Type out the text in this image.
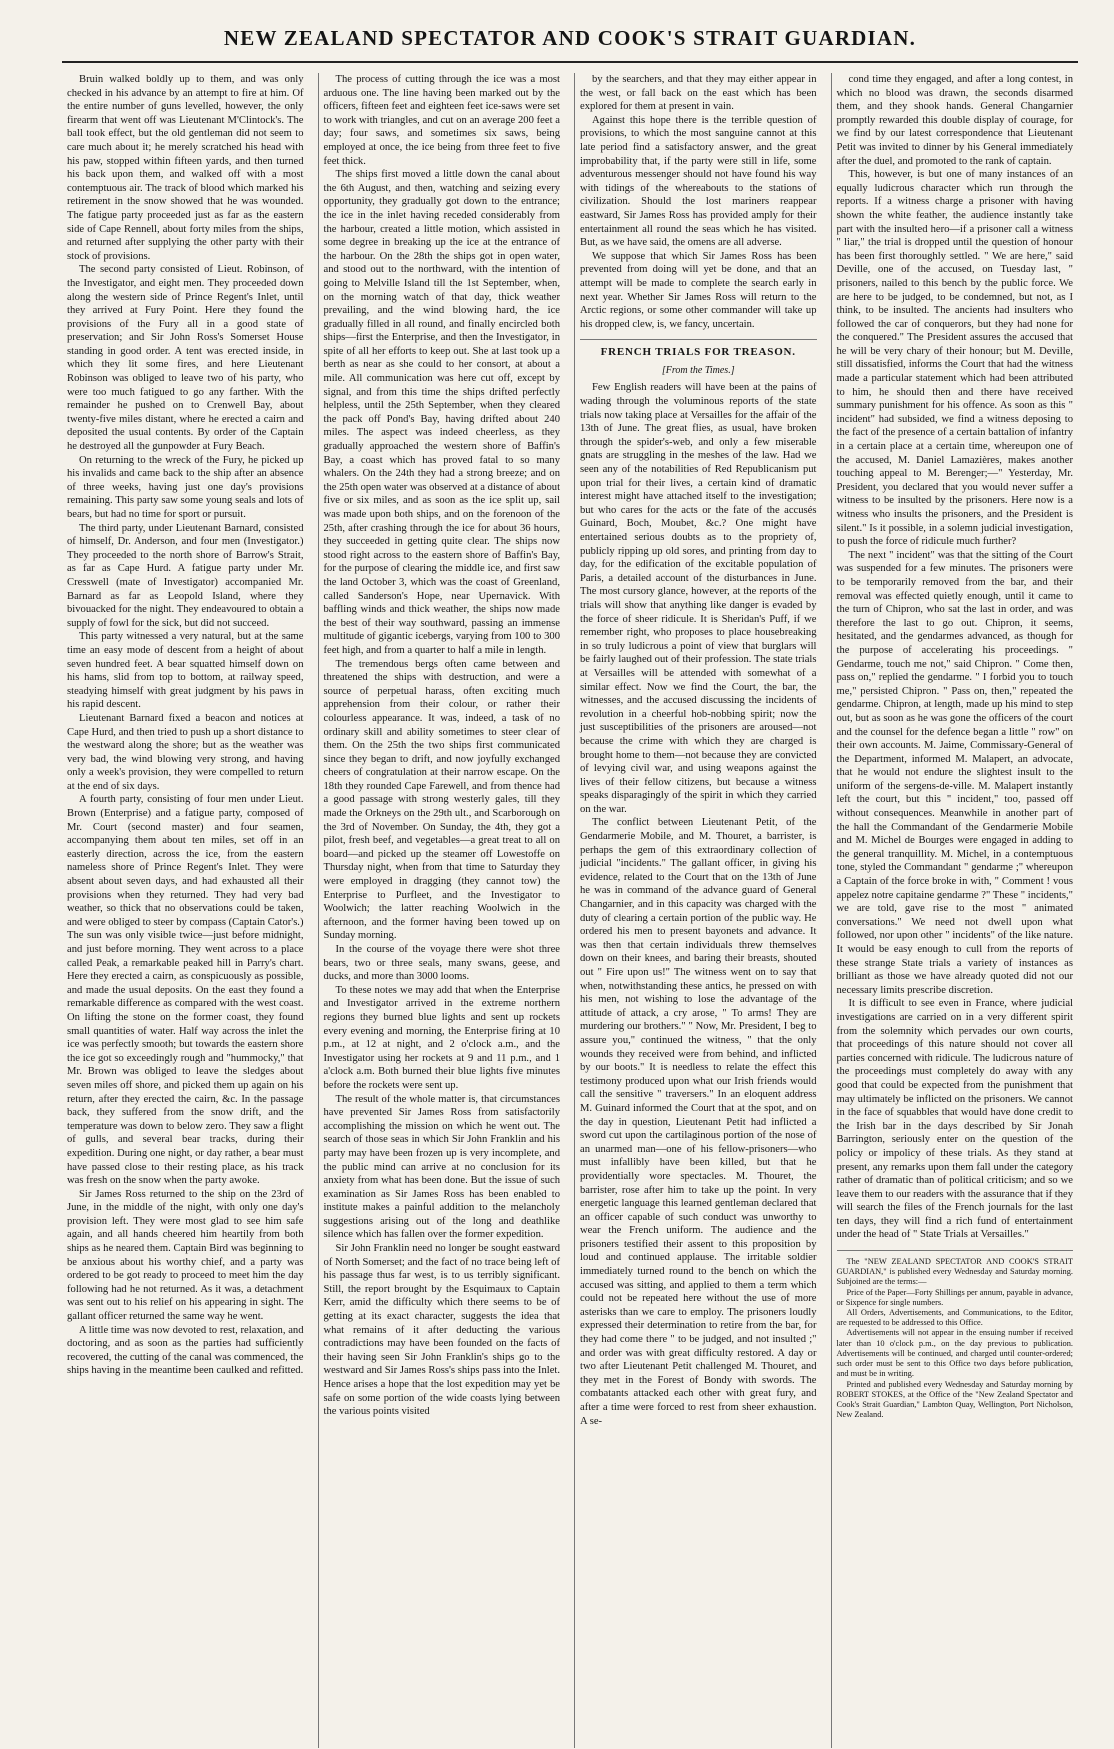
NEW ZEALAND SPECTATOR AND COOK'S STRAIT GUARDIAN.

Bruin walked boldly up to them, and was only checked in his advance by an attempt to fire at him. Of the entire number of guns levelled, however, the only firearm that went off was Lieutenant M'Clintock's. The ball took effect, but the old gentleman did not seem to care much about it; he merely scratched his head with his paw, stopped within fifteen yards, and then turned his back upon them, and walked off with a most contemptuous air. The track of blood which marked his retirement in the snow showed that he was wounded. The fatigue party proceeded just as far as the eastern side of Cape Rennell, about forty miles from the ships, and returned after supplying the other party with their stock of provisions.

The second party consisted of Lieut. Robinson, of the Investigator, and eight men. They proceeded down along the western side of Prince Regent's Inlet, until they arrived at Fury Point. Here they found the provisions of the Fury all in a good state of preservation; and Sir John Ross's Somerset House standing in good order. A tent was erected inside, in which they lit some fires, and here Lieutenant Robinson was obliged to leave two of his party, who were too much fatigued to go any farther. With the remainder he pushed on to Crenwell Bay, about twenty-five miles distant, where he erected a cairn and deposited the usual contents. By order of the Captain he destroyed all the gunpowder at Fury Beach.

On returning to the wreck of the Fury, he picked up his invalids and came back to the ship after an absence of three weeks, having just one day's provisions remaining. This party saw some young seals and lots of bears, but had no time for sport or pursuit.

The third party, under Lieutenant Barnard, consisted of himself, Dr. Anderson, and four men (Investigator.) They proceeded to the north shore of Barrow's Strait, as far as Cape Hurd. A fatigue party under Mr. Cresswell (mate of Investigator) accompanied Mr. Barnard as far as Leopold Island, where they bivouacked for the night. They endeavoured to obtain a supply of fowl for the sick, but did not succeed.

This party witnessed a very natural, but at the same time an easy mode of descent from a height of about seven hundred feet. A bear squatted himself down on his hams, slid from top to bottom, at railway speed, steadying himself with great judgment by his paws in his rapid descent.

Lieutenant Barnard fixed a beacon and notices at Cape Hurd, and then tried to push up a short distance to the westward along the shore; but as the weather was very bad, the wind blowing very strong, and having only a week's provision, they were compelled to return at the end of six days.

A fourth party, consisting of four men under Lieut. Brown (Enterprise) and a fatigue party, composed of Mr. Court (second master) and four seamen, accompanying them about ten miles, set off in an easterly direction, across the ice, from the eastern nameless shore of Prince Regent's Inlet. They were absent about seven days, and had exhausted all their provisions when they returned. They had very bad weather, so thick that no observations could be taken, and were obliged to steer by compass (Captain Cator's.) The sun was only visible twice—just before midnight, and just before morning. They went across to a place called Peak, a remarkable peaked hill in Parry's chart. Here they erected a cairn, as conspicuously as possible, and made the usual deposits. On the east they found a remarkable difference as compared with the west coast. On lifting the stone on the former coast, they found small quantities of water. Half way across the inlet the ice was perfectly smooth; but towards the eastern shore the ice got so exceedingly rough and "hummocky," that Mr. Brown was obliged to leave the sledges about seven miles off shore, and picked them up again on his return, after they erected the cairn, &c. In the passage back, they suffered from the snow drift, and the temperature was down to below zero. They saw a flight of gulls, and several bear tracks, during their expedition. During one night, or day rather, a bear must have passed close to their resting place, as his track was fresh on the snow when the party awoke.

Sir James Ross returned to the ship on the 23rd of June, in the middle of the night, with only one day's provision left. They were most glad to see him safe again, and all hands cheered him heartily from both ships as he neared them. Captain Bird was beginning to be anxious about his worthy chief, and a party was ordered to be got ready to proceed to meet him the day following had he not returned. As it was, a detachment was sent out to his relief on his appearing in sight. The gallant officer returned the same way he went.

A little time was now devoted to rest, relaxation, and doctoring, and as soon as the parties had sufficiently recovered, the cutting of the canal was commenced, the ships having in the meantime been caulked and refitted.

The process of cutting through the ice was a most arduous one. The line having been marked out by the officers, fifteen feet and eighteen feet ice-saws were set to work with triangles, and cut on an average 200 feet a day; four saws, and sometimes six saws, being employed at once, the ice being from three feet to five feet thick.

The ships first moved a little down the canal about the 6th August, and then, watching and seizing every opportunity, they gradually got down to the entrance; the ice in the inlet having receded considerably from the harbour, created a little motion, which assisted in some degree in breaking up the ice at the entrance of the harbour. On the 28th the ships got in open water, and stood out to the northward, with the intention of going to Melville Island till the 1st September, when, on the morning watch of that day, thick weather prevailing, and the wind blowing hard, the ice gradually filled in all round, and finally encircled both ships—first the Enterprise, and then the Investigator, in spite of all her efforts to keep out. She at last took up a berth as near as she could to her consort, at about a mile. All communication was here cut off, except by signal, and from this time the ships drifted perfectly helpless, until the 25th September, when they cleared the pack off Pond's Bay, having drifted about 240 miles. The aspect was indeed cheerless, as they gradually approached the western shore of Baffin's Bay, a coast which has proved fatal to so many whalers. On the 24th they had a strong breeze; and on the 25th open water was observed at a distance of about five or six miles, and as soon as the ice split up, sail was made upon both ships, and on the forenoon of the 25th, after crashing through the ice for about 36 hours, they succeeded in getting quite clear. The ships now stood right across to the eastern shore of Baffin's Bay, for the purpose of clearing the middle ice, and first saw the land October 3, which was the coast of Greenland, called Sanderson's Hope, near Upernavick. With baffling winds and thick weather, the ships now made the best of their way southward, passing an immense multitude of gigantic icebergs, varying from 100 to 300 feet high, and from a quarter to half a mile in length.

The tremendous bergs often came between and threatened the ships with destruction, and were a source of perpetual harass, often exciting much apprehension from their colour, or rather their colourless appearance. It was, indeed, a task of no ordinary skill and ability sometimes to steer clear of them. On the 25th the two ships first communicated since they began to drift, and now joyfully exchanged cheers of congratulation at their narrow escape. On the 18th they rounded Cape Farewell, and from thence had a good passage with strong westerly gales, till they made the Orkneys on the 29th ult., and Scarborough on the 3rd of November. On Sunday, the 4th, they got a pilot, fresh beef, and vegetables—a great treat to all on board—and picked up the steamer off Lowestoffe on Thursday night, when from that time to Saturday they were employed in dragging (they cannot tow) the Enterprise to Purfleet, and the Investigator to Woolwich; the latter reaching Woolwich in the afternoon, and the former having been towed up on Sunday morning.

In the course of the voyage there were shot three bears, two or three seals, many swans, geese, and ducks, and more than 3000 looms.

To these notes we may add that when the Enterprise and Investigator arrived in the extreme northern regions they burned blue lights and sent up rockets every evening and morning, the Enterprise firing at 10 p.m., at 12 at night, and 2 o'clock a.m., and the Investigator using her rockets at 9 and 11 p.m., and 1 a'clock a.m. Both burned their blue lights five minutes before the rockets were sent up.

The result of the whole matter is, that circumstances have prevented Sir James Ross from satisfactorily accomplishing the mission on which he went out. The search of those seas in which Sir John Franklin and his party may have been frozen up is very incomplete, and the public mind can arrive at no conclusion for its anxiety from what has been done. But the issue of such examination as Sir James Ross has been enabled to institute makes a painful addition to the melancholy suggestions arising out of the long and deathlike silence which has fallen over the former expedition.

Sir John Franklin need no longer be sought eastward of North Somerset; and the fact of no trace being left of his passage thus far west, is to us terribly significant. Still, the report brought by the Esquimaux to Captain Kerr, amid the difficulty which there seems to be of getting at its exact character, suggests the idea that what remains of it after deducting the various contradictions may have been founded on the facts of their having seen Sir John Franklin's ships go to the westward and Sir James Ross's ships pass into the Inlet. Hence arises a hope that the lost expedition may yet be safe on some portion of the wide coasts lying between the various points visited

by the searchers, and that they may either appear in the west, or fall back on the east which has been explored for them at present in vain.

Against this hope there is the terrible question of provisions, to which the most sanguine cannot at this late period find a satisfactory answer, and the great improbability that, if the party were still in life, some adventurous messenger should not have found his way with tidings of the whereabouts to the stations of civilization. Should the lost mariners reappear eastward, Sir James Ross has provided amply for their entertainment all round the seas which he has visited. But, as we have said, the omens are all adverse.

We suppose that which Sir James Ross has been prevented from doing will yet be done, and that an attempt will be made to complete the search early in next year. Whether Sir James Ross will return to the Arctic regions, or some other commander will take up his dropped clew, is, we fancy, uncertain.

FRENCH TRIALS FOR TREASON.
[From the Times.]

Few English readers will have been at the pains of wading through the voluminous reports of the state trials now taking place at Versailles for the affair of the 13th of June. The great flies, as usual, have broken through the spider's-web, and only a few miserable gnats are struggling in the meshes of the law. Had we seen any of the notabilities of Red Republicanism put upon trial for their lives, a certain kind of dramatic interest might have attached itself to the investigation; but who cares for the acts or the fate of the accusés Guinard, Boch, Moubet, &c.? One might have entertained serious doubts as to the propriety of, publicly ripping up old sores, and printing from day to day, for the edification of the excitable population of Paris, a detailed account of the disturbances in June. The most cursory glance, however, at the reports of the trials will show that anything like danger is evaded by the force of sheer ridicule. It is Sheridan's Puff, if we remember right, who proposes to place housebreaking in so truly ludicrous a point of view that burglars will be fairly laughed out of their profession. The state trials at Versailles will be attended with somewhat of a similar effect. Now we find the Court, the bar, the witnesses, and the accused discussing the incidents of revolution in a cheerful hob-nobbing spirit; now the just susceptibilities of the prisoners are aroused—not because the crime with which they are charged is brought home to them—not because they are convicted of levying civil war, and using weapons against the lives of their fellow citizens, but because a witness speaks disparagingly of the spirit in which they carried on the war.

The conflict between Lieutenant Petit, of the Gendarmerie Mobile, and M. Thouret, a barrister, is perhaps the gem of this extraordinary collection of judicial "incidents." The gallant officer, in giving his evidence, related to the Court that on the 13th of June he was in command of the advance guard of General Changarnier, and in this capacity was charged with the duty of clearing a certain portion of the public way. He ordered his men to present bayonets and advance. It was then that certain individuals threw themselves down on their knees, and baring their breasts, shouted out " Fire upon us!" The witness went on to say that when, notwithstanding these antics, he pressed on with his men, not wishing to lose the advantage of the attitude of attack, a cry arose, " To arms! They are murdering our brothers." " Now, Mr. President, I beg to assure you," continued the witness, " that the only wounds they received were from behind, and inflicted by our boots." It is needless to relate the effect this testimony produced upon what our Irish friends would call the sensitive " traversers." In an eloquent address M. Guinard informed the Court that at the spot, and on the day in question, Lieutenant Petit had inflicted a sword cut upon the cartilaginous portion of the nose of an unarmed man—one of his fellow-prisoners—who must infallibly have been killed, but that he providentially wore spectacles. M. Thouret, the barrister, rose after him to take up the point. In very energetic language this learned gentleman declared that an officer capable of such conduct was unworthy to wear the French uniform. The audience and the prisoners testified their assent to this proposition by loud and continued applause. The irritable soldier immediately turned round to the bench on which the accused was sitting, and applied to them a term which could not be repeated here without the use of more asterisks than we care to employ. The prisoners loudly expressed their determination to retire from the bar, for they had come there " to be judged, and not insulted ;" and order was with great difficulty restored. A day or two after Lieutenant Petit challenged M. Thouret, and they met in the Forest of Bondy with swords. The combatants attacked each other with great fury, and after a time were forced to rest from sheer exhaustion. A se-

cond time they engaged, and after a long contest, in which no blood was drawn, the seconds disarmed them, and they shook hands. General Changarnier promptly rewarded this double display of courage, for we find by our latest correspondence that Lieutenant Petit was invited to dinner by his General immediately after the duel, and promoted to the rank of captain.

This, however, is but one of many instances of an equally ludicrous character which run through the reports. If a witness charge a prisoner with having shown the white feather, the audience instantly take part with the insulted hero—if a prisoner call a witness " liar," the trial is dropped until the question of honour has been first thoroughly settled. " We are here," said Deville, one of the accused, on Tuesday last, " prisoners, nailed to this bench by the public force. We are here to be judged, to be condemned, but not, as I think, to be insulted. The ancients had insulters who followed the car of conquerors, but they had none for the conquered." The President assures the accused that he will be very chary of their honour; but M. Deville, still dissatisfied, informs the Court that had the witness made a particular statement which had been attributed to him, he should then and there have received summary punishment for his offence. As soon as this " incident" had subsided, we find a witness deposing to the fact of the presence of a certain battalion of infantry in a certain place at a certain time, whereupon one of the accused, M. Daniel Lamazières, makes another touching appeal to M. Berenger;—" Yesterday, Mr. President, you declared that you would never suffer a witness to be insulted by the prisoners. Here now is a witness who insults the prisoners, and the President is silent." Is it possible, in a solemn judicial investigation, to push the force of ridicule much further?

The next " incident" was that the sitting of the Court was suspended for a few minutes. The prisoners were to be temporarily removed from the bar, and their removal was effected quietly enough, until it came to the turn of Chipron, who sat the last in order, and was therefore the last to go out. Chipron, it seems, hesitated, and the gendarmes advanced, as though for the purpose of accelerating his proceedings. " Gendarme, touch me not," said Chipron. " Come then, pass on," replied the gendarme. " I forbid you to touch me," persisted Chipron. " Pass on, then," repeated the gendarme. Chipron, at length, made up his mind to step out, but as soon as he was gone the officers of the court and the counsel for the defence began a little " row" on their own accounts. M. Jaime, Commissary-General of the Department, informed M. Malapert, an advocate, that he would not endure the slightest insult to the uniform of the sergens-de-ville. M. Malapert instantly left the court, but this " incident," too, passed off without consequences. Meanwhile in another part of the hall the Commandant of the Gendarmerie Mobile and M. Michel de Bourges were engaged in adding to the general tranquillity. M. Michel, in a contemptuous tone, styled the Commandant " gendarme ;" whereupon a Captain of the force broke in with, " Comment ! vous appelez notre capitaine gendarme ?" These " incidents," we are told, gave rise to the most " animated conversations." We need not dwell upon what followed, nor upon other " incidents" of the like nature. It would be easy enough to cull from the reports of these strange State trials a variety of instances as brilliant as those we have already quoted did not our necessary limits prescribe discretion.

It is difficult to see even in France, where judicial investigations are carried on in a very different spirit from the solemnity which pervades our own courts, that proceedings of this nature should not cover all parties concerned with ridicule. The ludicrous nature of the proceedings must completely do away with any good that could be expected from the punishment that may ultimately be inflicted on the prisoners. We cannot in the face of squabbles that would have done credit to the Irish bar in the days described by Sir Jonah Barrington, seriously enter on the question of the policy or impolicy of these trials. As they stand at present, any remarks upon them fall under the category rather of dramatic than of political criticism; and so we leave them to our readers with the assurance that if they will search the files of the French journals for the last ten days, they will find a rich fund of entertainment under the head of " State Trials at Versailles."

The "NEW ZEALAND SPECTATOR AND COOK'S STRAIT GUARDIAN," is published every Wednesday and Saturday morning. Subjoined are the terms:—

Price of the Paper—Forty Shillings per annum, payable in advance, or Sixpence for single numbers.

All Orders, Advertisements, and Communications, to the Editor, are requested to be addressed to this Office.

Advertisements will not appear in the ensuing number if received later than 10 o'clock p.m., on the day previous to publication. Advertisements will be continued, and charged until counter-ordered; such order must be sent to this Office two days before publication, and must be in writing.

Printed and published every Wednesday and Saturday morning by ROBERT STOKES, at the Office of the "New Zealand Spectator and Cook's Strait Guardian," Lambton Quay, Wellington, Port Nicholson, New Zealand.
